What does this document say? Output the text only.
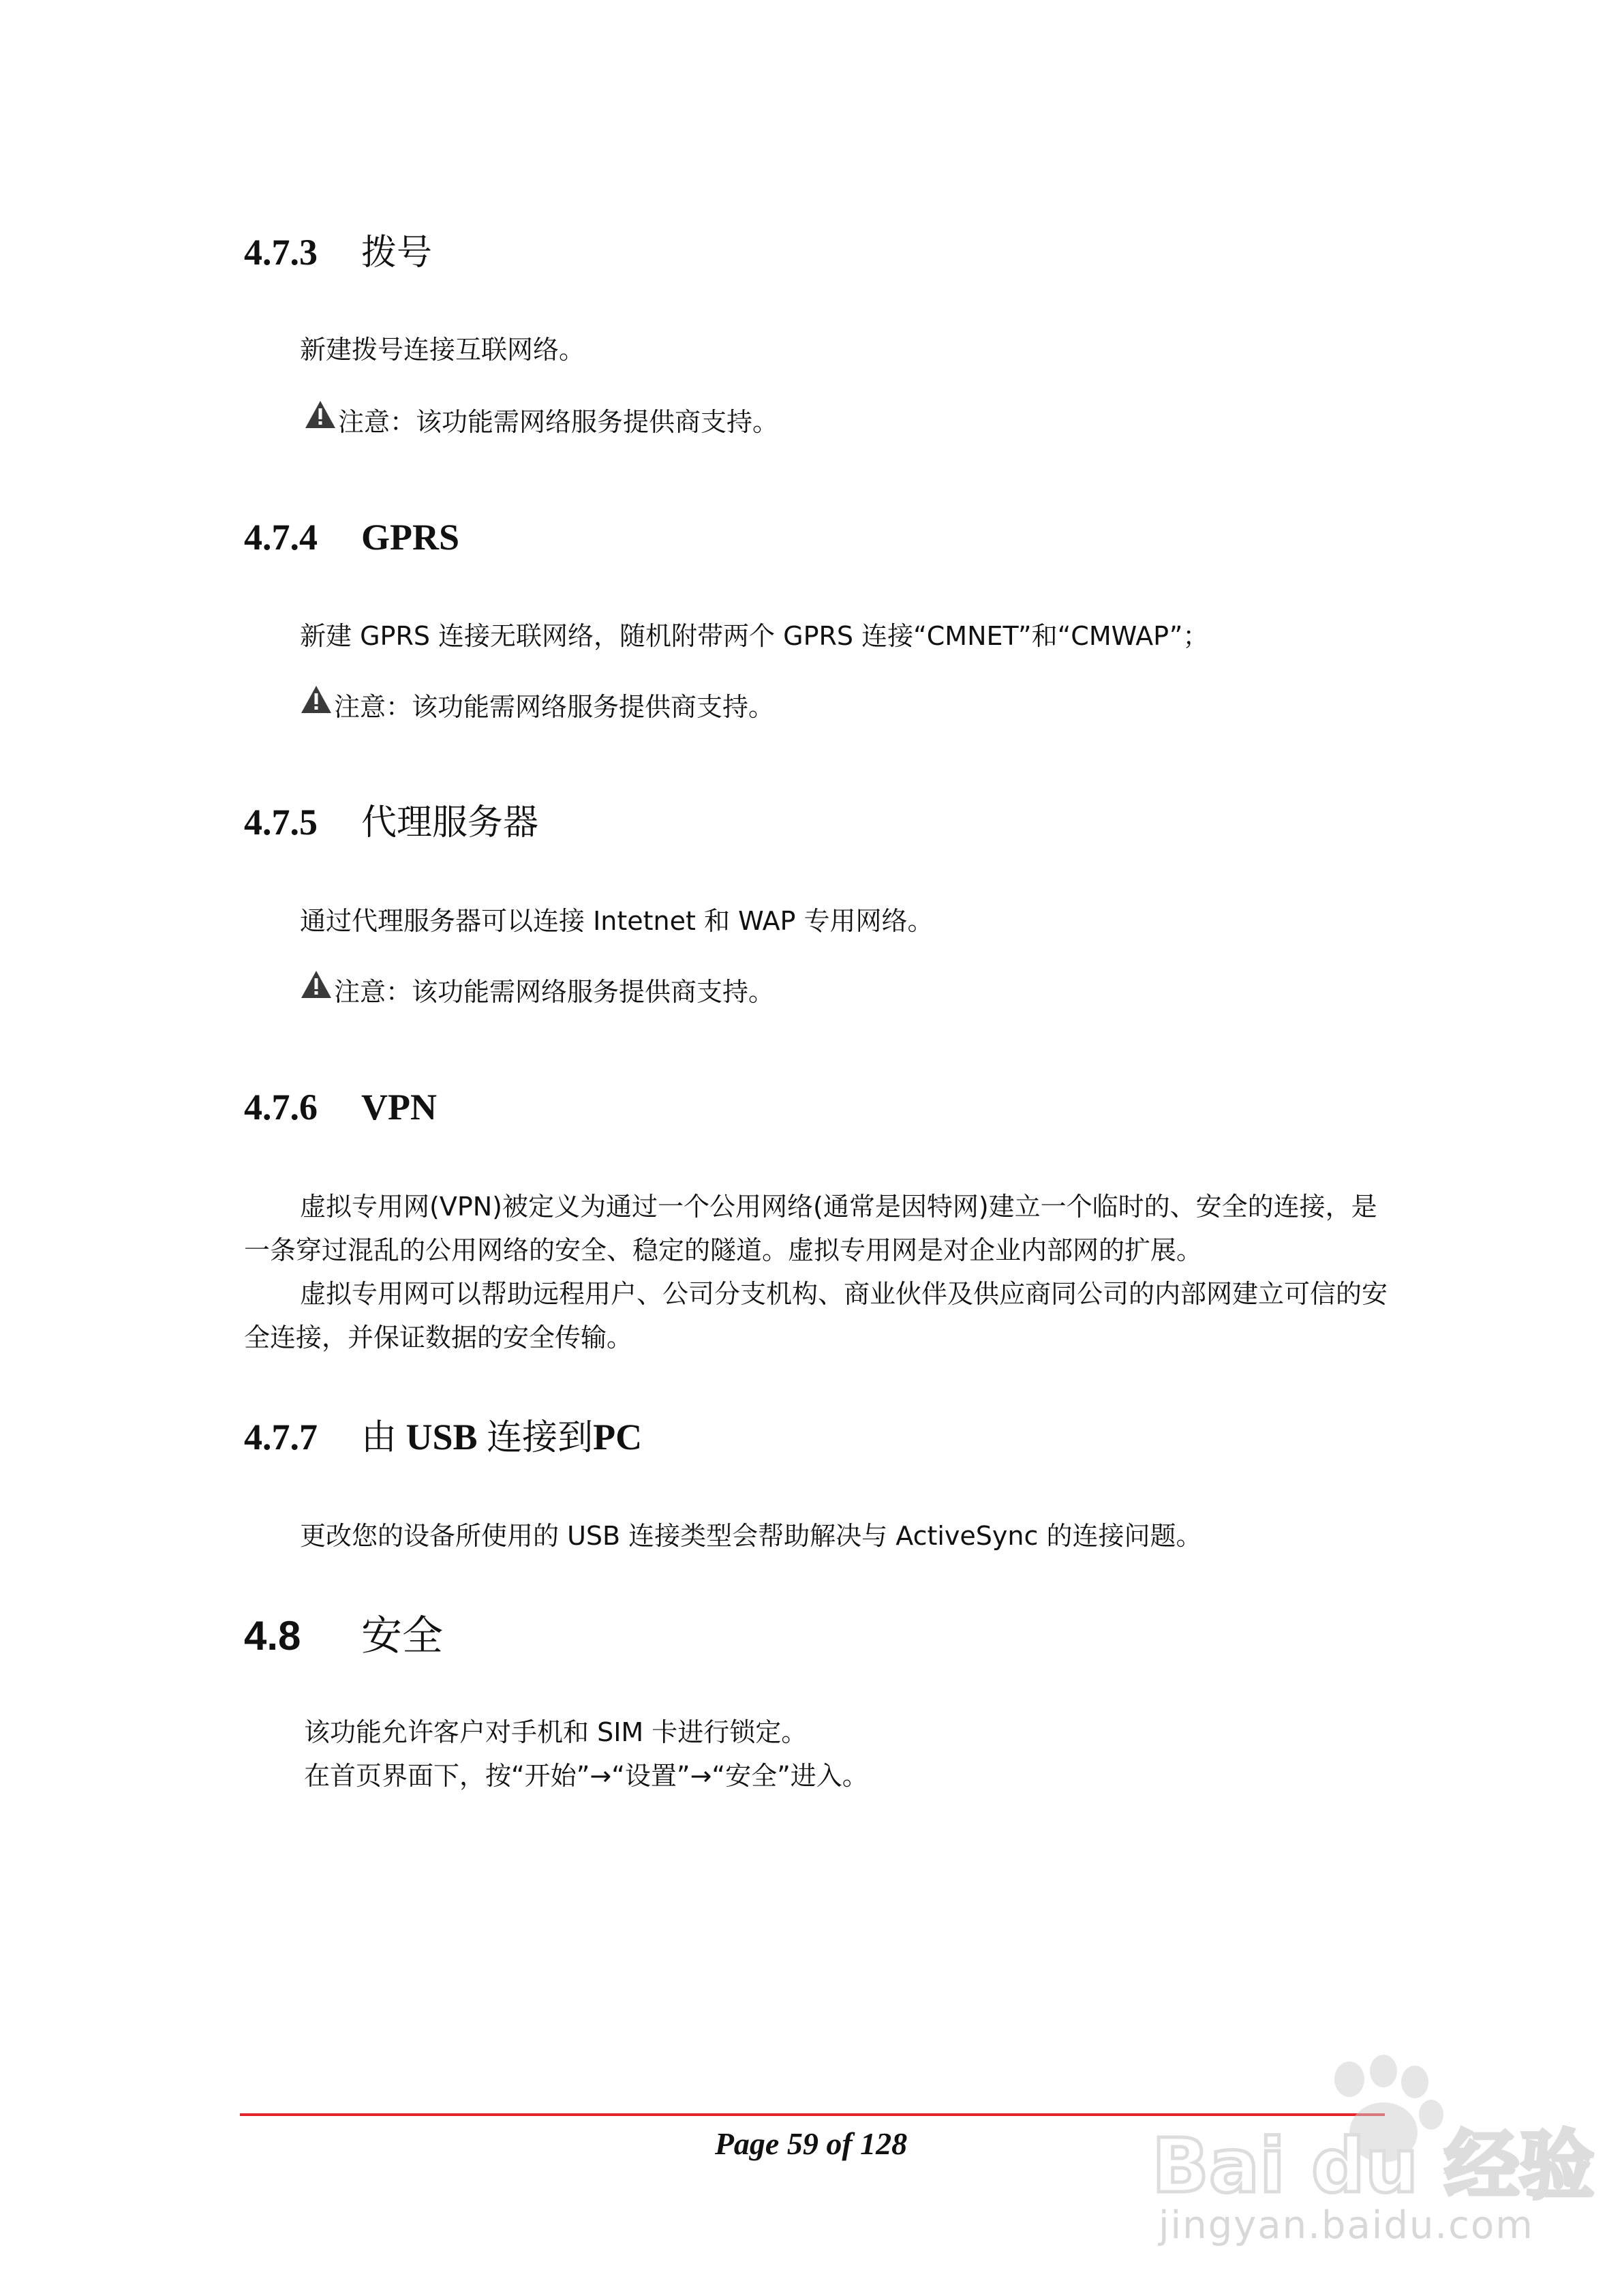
4.7.3 拨号

新建拨号连接互联网络。

注意：该功能需网络服务提供商支持。
4.7.4 GPRS

新建 GPRS 连接无联网络，随机附带两个 GPRS 连接“CMNET”和“CMWAP”；

注意：该功能需网络服务提供商支持。
4.7.5 代理服务器

通过代理服务器可以连接 Intetnet 和 WAP 专用网络。

注意：该功能需网络服务提供商支持。
4.7.6 VPN

虚拟专用网(VPN)被定义为通过一个公用网络(通常是因特网)建立一个临时的、安全的连接，是一条穿过混乱的公用网络的安全、稳定的隧道。虚拟专用网是对企业内部网的扩展。

虚拟专用网可以帮助远程用户、公司分支机构、商业伙伴及供应商同公司的内部网建立可信的安全连接，并保证数据的安全传输。

4.7.7 由 USB 连接到PC

更改您的设备所使用的 USB 连接类型会帮助解决与 ActiveSync 的连接问题。

4.8 安全

该功能允许客户对手机和 SIM 卡进行锁定。

在首页界面下，按“开始”→“设置”→“安全”进入。

Page 59 of 128	Bai du 经验
jingyan.baidu.com
